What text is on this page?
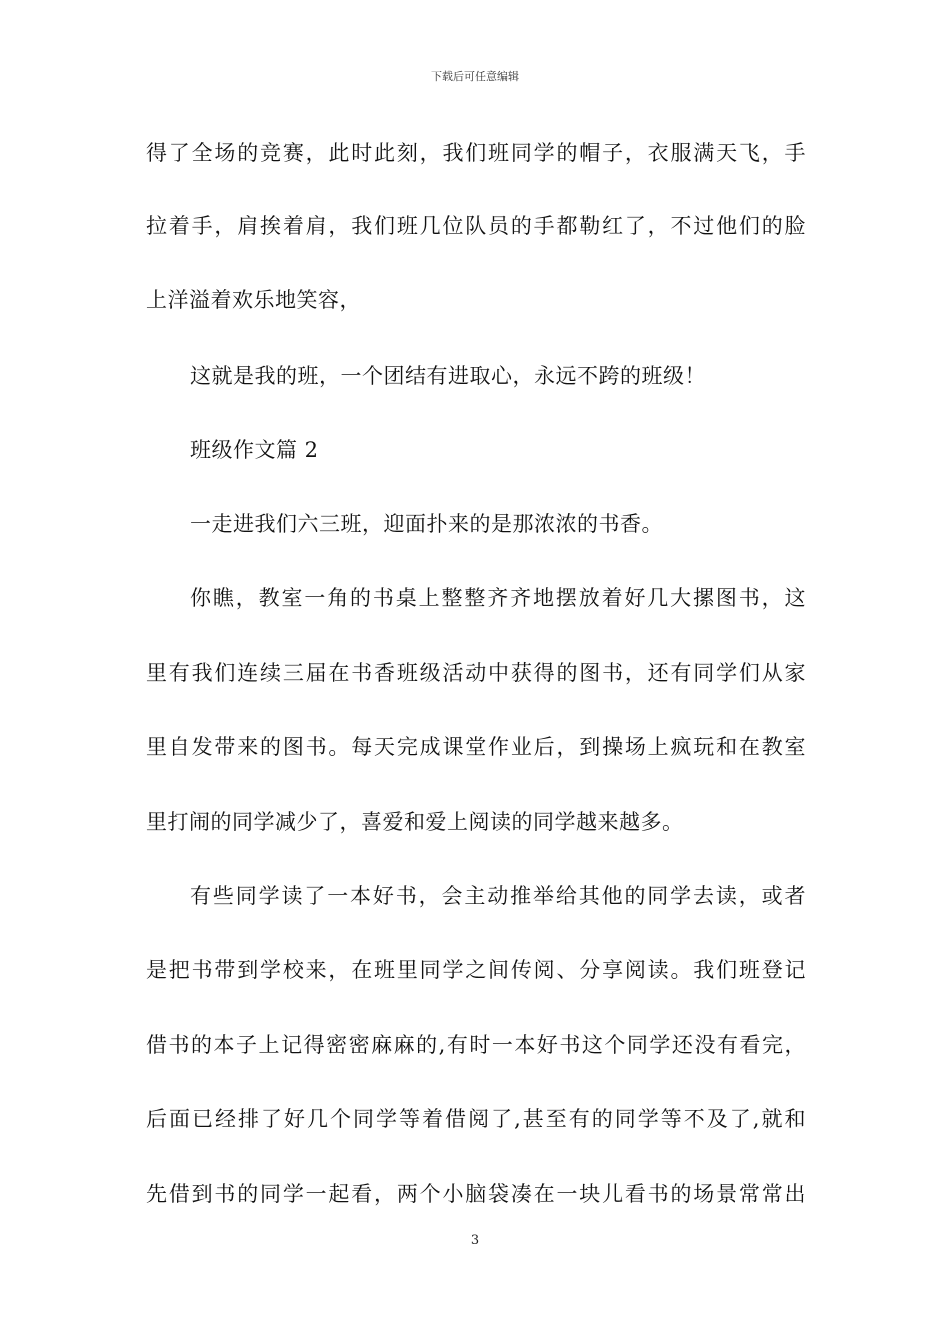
下载后可任意编辑
得了全场的竞赛，此时此刻，我们班同学的帽子，衣服满天飞，手
拉着手，肩挨着肩，我们班几位队员的手都勒红了，不过他们的脸
上洋溢着欢乐地笑容，
这就是我的班，一个团结有进取心，永远不跨的班级！
班级作文篇 2
一走进我们六三班，迎面扑来的是那浓浓的书香。
你瞧，教室一角的书桌上整整齐齐地摆放着好几大摞图书，这
里有我们连续三届在书香班级活动中获得的图书，还有同学们从家
里自发带来的图书。每天完成课堂作业后，到操场上疯玩和在教室
里打闹的同学减少了，喜爱和爱上阅读的同学越来越多。
有些同学读了一本好书，会主动推举给其他的同学去读，或者
是把书带到学校来，在班里同学之间传阅、分享阅读。我们班登记
借书的本子上记得密密麻麻的,有时一本好书这个同学还没有看完，
后面已经排了好几个同学等着借阅了,甚至有的同学等不及了,就和
先借到书的同学一起看，两个小脑袋凑在一块儿看书的场景常常出
3
